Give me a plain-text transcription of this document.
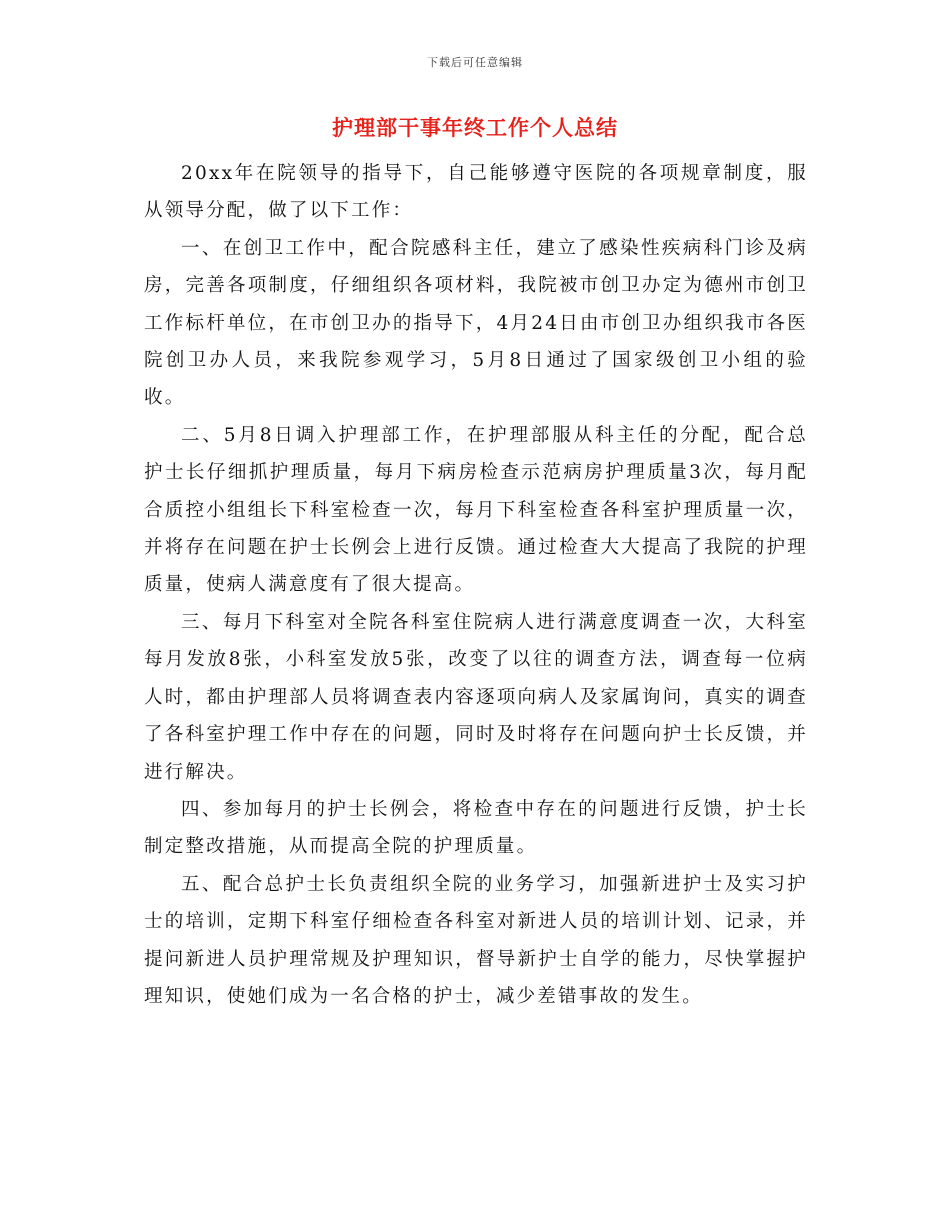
下载后可任意编辑
护理部干事年终工作个人总结

20xx年在院领导的指导下，自己能够遵守医院的各项规章制度，服从领导分配，做了以下工作：

一、在创卫工作中，配合院感科主任，建立了感染性疾病科门诊及病房，完善各项制度，仔细组织各项材料，我院被市创卫办定为德州市创卫工作标杆单位，在市创卫办的指导下，4月24日由市创卫办组织我市各医院创卫办人员，来我院参观学习，5月8日通过了国家级创卫小组的验收。

二、5月8日调入护理部工作，在护理部服从科主任的分配，配合总护士长仔细抓护理质量，每月下病房检查示范病房护理质量3次，每月配合质控小组组长下科室检查一次，每月下科室检查各科室护理质量一次，并将存在问题在护士长例会上进行反馈。通过检查大大提高了我院的护理质量，使病人满意度有了很大提高。

三、每月下科室对全院各科室住院病人进行满意度调查一次，大科室每月发放8张，小科室发放5张，改变了以往的调查方法，调查每一位病人时，都由护理部人员将调查表内容逐项向病人及家属询问，真实的调查了各科室护理工作中存在的问题，同时及时将存在问题向护士长反馈，并进行解决。

四、参加每月的护士长例会，将检查中存在的问题进行反馈，护士长制定整改措施，从而提高全院的护理质量。

五、配合总护士长负责组织全院的业务学习，加强新进护士及实习护士的培训，定期下科室仔细检查各科室对新进人员的培训计划、记录，并提问新进人员护理常规及护理知识，督导新护士自学的能力，尽快掌握护理知识，使她们成为一名合格的护士，减少差错事故的发生。
